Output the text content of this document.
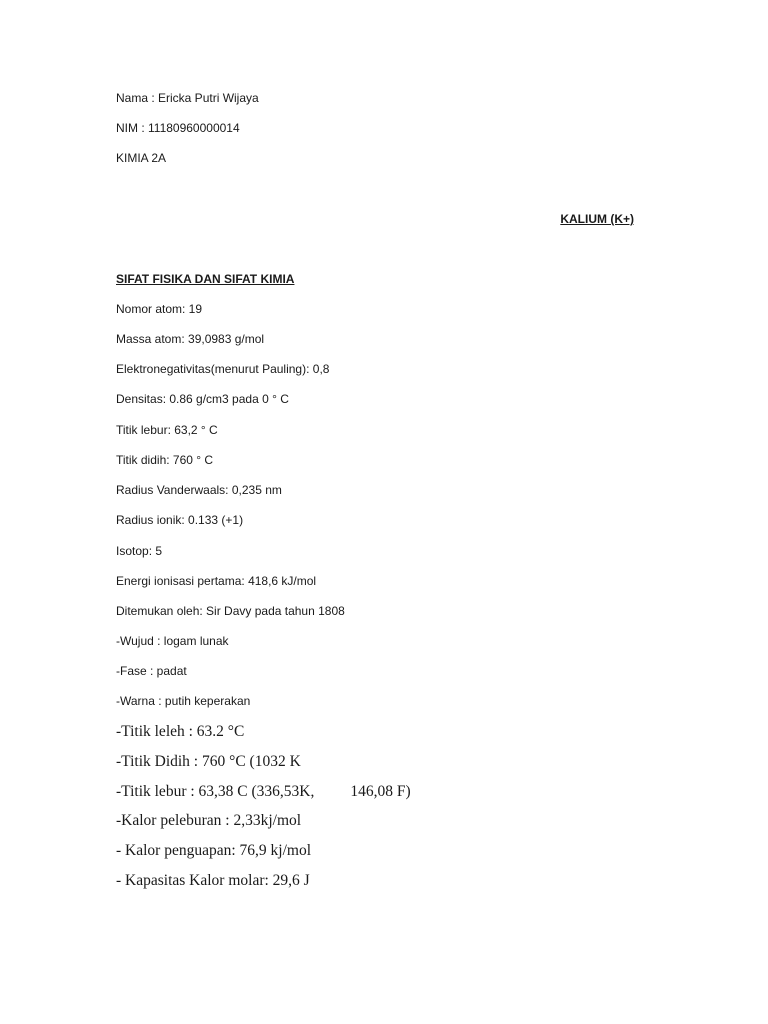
Nama : Ericka Putri Wijaya
NIM : 11180960000014
KIMIA 2A
KALIUM (K+)
SIFAT FISIKA DAN SIFAT KIMIA
Nomor atom: 19
Massa atom: 39,0983 g/mol
Elektronegativitas(menurut Pauling): 0,8
Densitas: 0.86 g/cm3 pada 0 ° C
Titik lebur: 63,2 ° C
Titik didih: 760 ° C
Radius Vanderwaals: 0,235 nm
Radius ionik: 0.133 (+1)
Isotop: 5
Energi ionisasi pertama: 418,6 kJ/mol
Ditemukan oleh: Sir Davy pada tahun 1808
-Wujud : logam lunak
-Fase : padat
-Warna : putih keperakan
-Titik leleh : 63.2 °C
-Titik Didih : 760 °C (1032 K
-Titik lebur : 63,38 C (336,53K, 146,08 F)
-Kalor peleburan : 2,33kj/mol
- Kalor penguapan: 76,9 kj/mol
- Kapasitas Kalor molar: 29,6 J
